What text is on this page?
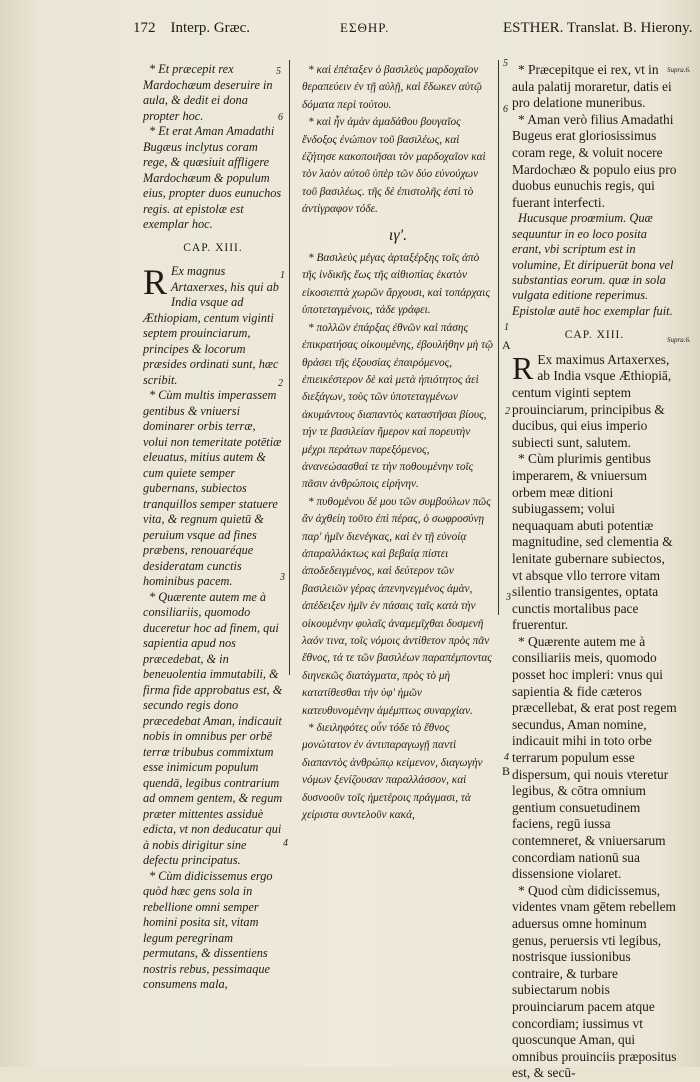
172 Interp. Græc.	ΕΣΘΗΡ.	ESTHER. Translat. B. Hierony.

* Et præcepit rex Mardochæum deseruire in aula, & dedit ei dona propter hoc.

* Et erat Aman Amadathi Bugæus inclytus coram rege, & quæsiuit affligere Mardochæum & populum eius, propter duos eunuchos regis. at epistolæ est exemplar hoc.

CAP. XIII.

R Ex magnus Artaxerxes, his qui ab India vsque ad Æthiopiam, centum viginti septem prouinciarum, principes & locorum præsides ordinati sunt, hæc scribit.

* Cùm multis imperassem gentibus & vniuersi dominarer orbis terræ, volui non temeritate potētiæ eleuatus, mitius autem & cum quiete semper gubernans, subiectos tranquillos semper statuere vita, & regnum quietū & peruium vsque ad fines præbens, renouaréque desideratam cunctis hominibus pacem.

* Quærente autem me à consiliariis, quomodo duceretur hoc ad finem, qui sapientia apud nos præcedebat, & in beneuolentia immutabili, & firma fide approbatus est, & secundo regis dono præcedebat Aman, indicauit nobis in omnibus per orbē terræ tribubus commixtum esse inimicum populum quendā, legibus contrarium ad omnem gentem, & regum præter mittentes assiduè edicta, vt non deducatur qui à nobis dirigitur sine defectu principatus.

* Cùm didicissemus ergo quòd hæc gens sola in rebellione omni semper homini posita sit, vitam legum peregrinam permutans, & dissentiens nostris rebus, pessimaque consumens mala,

* καὶ ἐπέταξεν ὁ βασιλεὺς μαρδοχαῖον θεραπεύειν ἐν τῇ αὐλῇ, καὶ ἔδωκεν αὐτῷ δόματα περὶ τούτου.

* καὶ ἦν ἀμὰν ἀμαδάθου βουγαῖος ἔνδοξος ἐνώπιον τοῦ βασιλέως, καὶ ἐζήτησε κακοποιῆσαι τὸν μαρδοχαῖον καὶ τὸν λαὸν αὐτοῦ ὑπὲρ τῶν δύο εὐνούχων τοῦ βασιλέως. τῆς δὲ ἐπιστολῆς ἐστὶ τὸ ἀντίγραφον τόδε.

ιγ'.

* Βασιλεὺς μέγας ἀρταξέρξης τοῖς ἀπὸ τῆς ἰνδικῆς ἕως τῆς αἰθιοπίας ἑκατὸν εἰκοσιεπτὰ χωρῶν ἄρχουσι, καὶ τοπάρχαις ὑποτεταγμένοις, τάδε γράφει.

* πολλῶν ἐπάρξας ἐθνῶν καὶ πάσης ἐπικρατήσας οἰκουμένης, ἐβουλήθην μὴ τῷ θράσει τῆς ἐξουσίας ἐπαιρόμενος, ἐπιεικέστερον δὲ καὶ μετὰ ἠπιότητος ἀεὶ διεξάγων, τοὺς τῶν ὑποτεταγμένων ἀκυμάντους διαπαντὸς καταστῆσαι βίους, τήν τε βασιλείαν ἥμερον καὶ πορευτὴν μέχρι περάτων παρεξόμενος, ἀνανεώσασθαί τε τὴν ποθουμένην τοῖς πᾶσιν ἀνθρώποις εἰρήνην.

* πυθομένου δέ μου τῶν συμβούλων πῶς ἂν ἀχθείη τοῦτο ἐπὶ πέρας, ὁ σωφροσύνῃ παρ' ἡμῖν διενέγκας, καὶ ἐν τῇ εὐνοίᾳ ἀπαραλλάκτως καὶ βεβαίᾳ πίστει ἀποδεδειγμένος, καὶ δεύτερον τῶν βασιλειῶν γέρας ἀπενηνεγμένος ἀμὰν, ἀπέδειξεν ἡμῖν ἐν πάσαις ταῖς κατὰ τὴν οἰκουμένην φυλαῖς ἀναμεμῖχθαι δυσμενῆ λαόν τινα, τοῖς νόμοις ἀντίθετον πρὸς πᾶν ἔθνος, τά τε τῶν βασιλέων παραπέμποντας διηνεκῶς διατάγματα, πρὸς τὸ μὴ κατατίθεσθαι τὴν ὑφ' ἡμῶν κατευθυνομένην ἀμέμπτως συναρχίαν.

* διειληφότες οὖν τόδε τὸ ἔθνος μονώτατον ἐν ἀντιπαραγωγῇ παντὶ διαπαντὸς ἀνθρώπῳ κείμενον, διαγωγὴν νόμων ξενίζουσαν παραλλάσσον, καὶ δυσνοοῦν τοῖς ἡμετέροις πράγμασι, τὰ χείριστα συντελοῦν κακά,

* Præcepitque ei rex, vt in aula palatij moraretur, datis ei pro delatione muneribus.

* Aman verò filius Amadathi Bugeus erat gloriosissimus coram rege, & voluit nocere Mardochæo & populo eius pro duobus eunuchis regis, qui fuerant interfecti.

Hucusque proœmium. Quæ sequuntur in eo loco posita erant, vbi scriptum est in volumine, Et diripuerūt bona vel substantias eorum. quæ in sola vulgata editione reperimus. Epistolæ autē hoc exemplar fuit.

CAP. XIII.

R Ex maximus Artaxerxes, ab India vsque Æthiopiā, centum viginti septem prouinciarum, principibus & ducibus, qui eius imperio subiecti sunt, salutem.

* Cùm plurimis gentibus imperarem, & vniuersum orbem meæ ditioni subiugassem; volui nequaquam abuti potentiæ magnitudine, sed clementia & lenitate gubernare subiectos, vt absque vllo terrore vitam silentio transigentes, optata cunctis mortalibus pace fruerentur.

* Quærente autem me à consiliariis meis, quomodo posset hoc impleri: vnus qui sapientia & fide cæteros præcellebat, & erat post regem secundus, Aman nomine, indicauit mihi in toto orbe terrarum populum esse dispersum, qui nouis vteretur legibus, & cōtra omnium gentium consuetudinem faciens, regū iussa contemneret, & vniuersarum concordiam nationū sua dissensione violaret.

* Quod cùm didicissemus, videntes vnam gētem rebellem aduersus omne hominum genus, peruersis vti legibus, nostrisque iussionibus contraire, & turbare subiectarum nobis prouinciarum pacem atque concordiam; iussimus vt quoscunque Aman, qui omnibus prouinciis præpositus est, & secū-

5
6
1
2
3
4
5
6
1
2
3
4
A
B
Supra.6.
Supra.6.
